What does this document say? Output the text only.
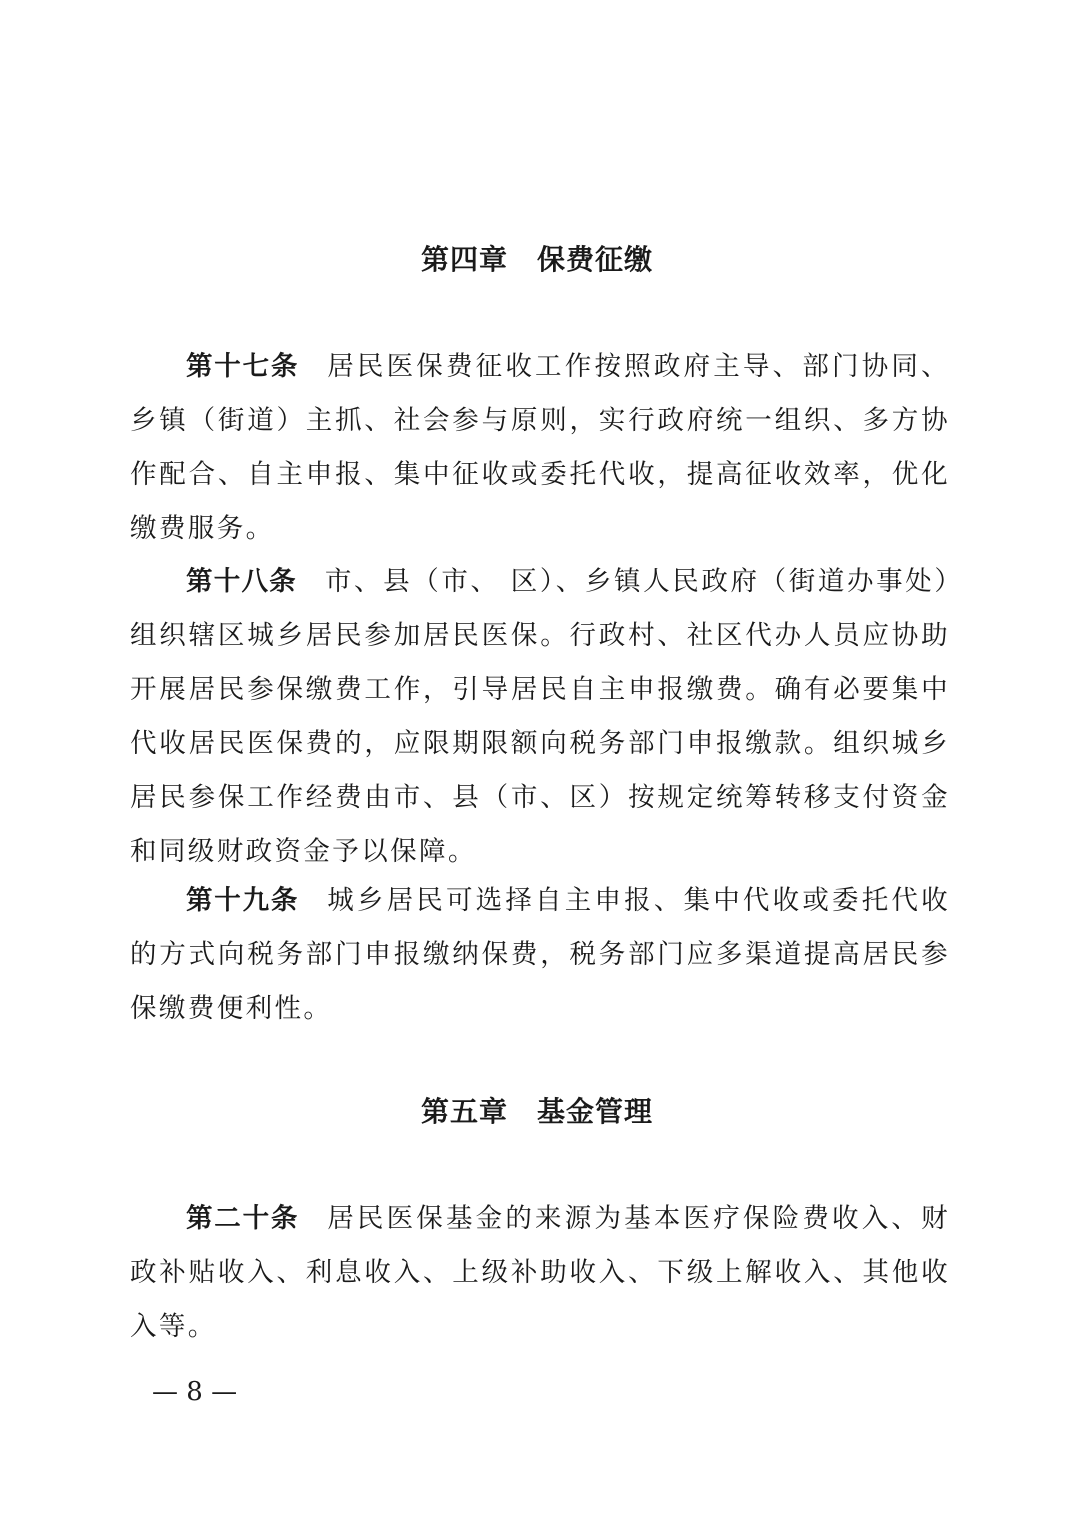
第四章　保费征缴

第十七条 居民医保费征收工作按照政府主导、部门协同、乡镇（街道）主抓、社会参与原则，实行政府统一组织、多方协作配合、自主申报、集中征收或委托代收，提高征收效率，优化缴费服务。

第十八条 市、县（市、 区）、乡镇人民政府（街道办事处）组织辖区城乡居民参加居民医保。行政村、社区代办人员应协助开展居民参保缴费工作，引导居民自主申报缴费。确有必要集中代收居民医保费的，应限期限额向税务部门申报缴款。组织城乡居民参保工作经费由市、县（市、区）按规定统筹转移支付资金和同级财政资金予以保障。

第十九条 城乡居民可选择自主申报、集中代收或委托代收的方式向税务部门申报缴纳保费，税务部门应多渠道提高居民参保缴费便利性。

第五章　基金管理

第二十条 居民医保基金的来源为基本医疗保险费收入、财政补贴收入、利息收入、上级补助收入、下级上解收入、其他收入等。

— 8 —
